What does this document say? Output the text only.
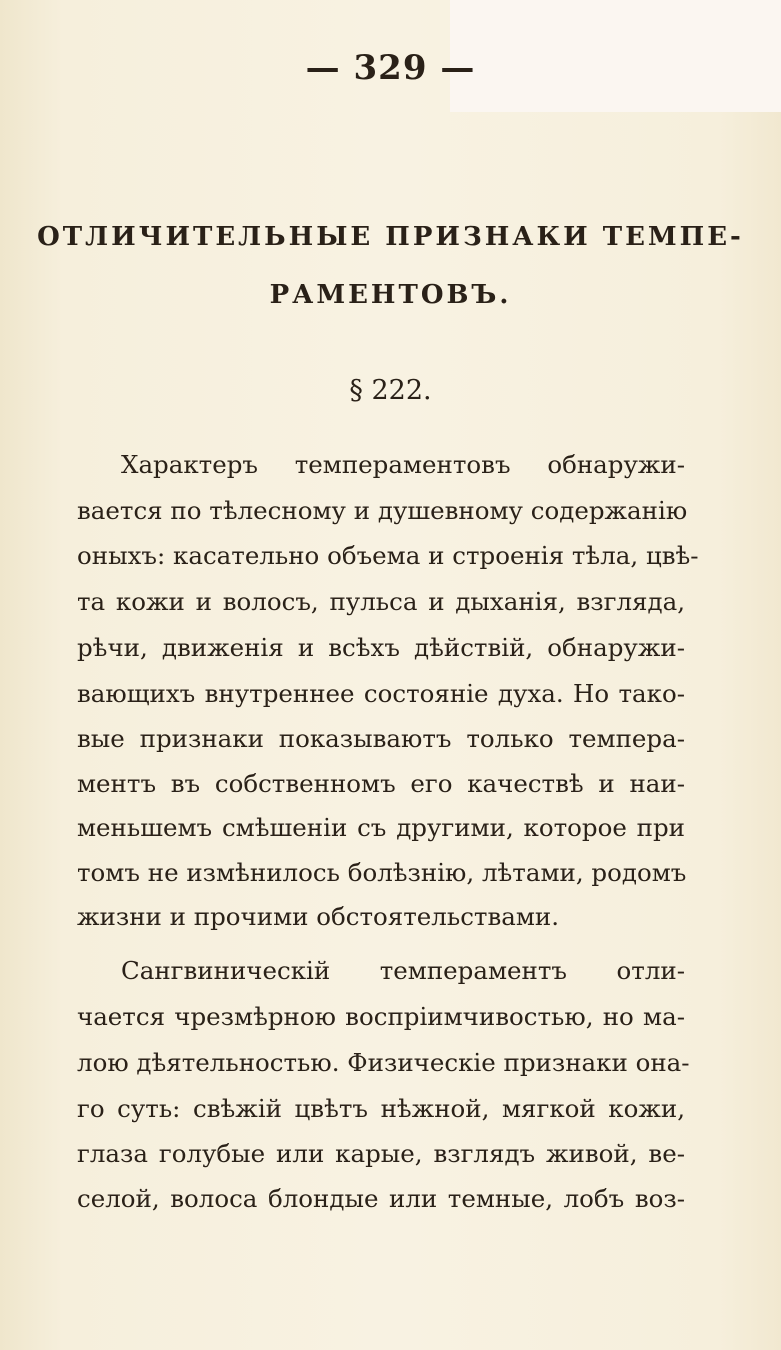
— 329 —
ОТЛИЧИТЕЛЬНЫЕ ПРИЗНАКИ ТЕМПЕ-
РАМЕНТОВЪ.
§ 222.
Характеръ темпераментовъ обнаружи-
вается по тѣлесному и душевному содержанію
оныхъ: касательно объема и строенія тѣла, цвѣ-
та кожи и волосъ, пульса и дыханія, взгляда,
рѣчи, движенія и всѣхъ дѣйствій, обнаружи-
вающихъ внутреннее состояніе духа. Но тако-
вые признаки показываютъ только темпера-
ментъ въ собственномъ его качествѣ и наи-
меньшемъ смѣшеніи съ другими, которое при
томъ не измѣнилось болѣзнію, лѣтами, родомъ
жизни и прочими обстоятельствами.
Сангвиническій темпераментъ отли-
чается чрезмѣрною воспріимчивостью, но ма-
лою дѣятельностью. Физическіе признаки она-
го суть: свѣжій цвѣтъ нѣжной, мягкой кожи,
глаза голубые или карые, взглядъ живой, ве-
селой, волоса блондые или темные, лобъ воз-
